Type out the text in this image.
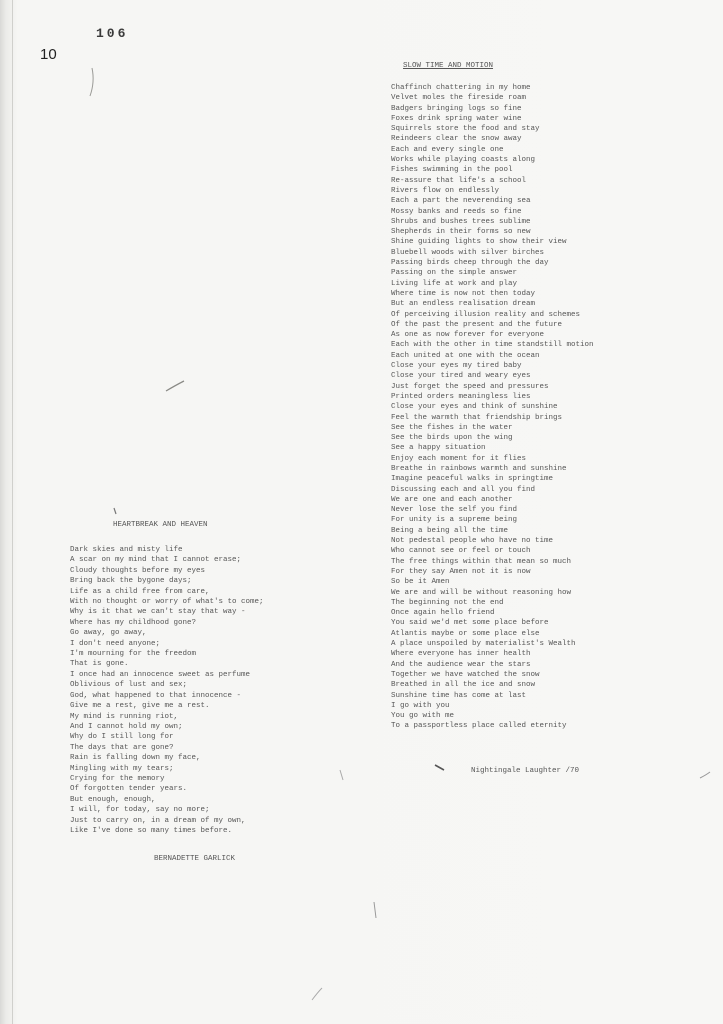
106
10
SLOW TIME AND MOTION
Chaffinch chattering in my home
Velvet moles the fireside roam
Badgers bringing logs so fine
Foxes drink spring water wine
Squirrels store the food and stay
Reindeers clear the snow away
Each and every single one
Works while playing coasts along
Fishes swimming in the pool
Re-assure that life's a school
Rivers flow on endlessly
Each a part the neverending sea
Mossy banks and reeds so fine
Shrubs and bushes trees sublime
Shepherds in their forms so new
Shine guiding lights to show their view
Bluebell woods with silver birches
Passing birds cheep through the day
Passing on the simple answer
Living life at work and play
Where time is now not then today
But an endless realisation dream
Of perceiving illusion reality and schemes
Of the past the present and the future
As one as now forever for everyone
Each with the other in time standstill motion
Each united at one with the ocean
Close your eyes my tired baby
Close your tired and weary eyes
Just forget the speed and pressures
Printed orders meaningless lies
Close your eyes and think of sunshine
Feel the warmth that friendship brings
See the fishes in the water
See the birds upon the wing
See a happy situation
Enjoy each moment for it flies
Breathe in rainbows warmth and sunshine
Imagine peaceful walks in springtime
Discussing each and all you find
We are one and each another
Never lose the self you find
For unity is a supreme being
Being a being all the time
Not pedestal people who have no time
Who cannot see or feel or touch
The free things within that mean so much
For they say Amen not it is now
So be it Amen
We are and will be without reasoning how
The beginning not the end
Once again hello friend
You said we'd met some place before
Atlantis maybe or some place else
A place unspoiled by materialist's Wealth
Where everyone has inner health
And the audience wear the stars
Together we have watched the snow
Breathed in all the ice and snow
Sunshine time has come at last
I go with you
You go with me
To a passportless place called eternity
Nightingale Laughter /70
HEARTBREAK AND HEAVEN
Dark skies and misty life
A scar on my mind that I cannot erase;
Cloudy thoughts before my eyes
Bring back the bygone days;
Life as a child free from care,
With no thought or worry of what's to come;
Why is it that we can't stay that way -
Where has my childhood gone?
Go away, go away,
I don't need anyone;
I'm mourning for the freedom
That is gone.
I once had an innocence sweet as perfume
Oblivious of lust and sex;
God, what happened to that innocence -
Give me a rest, give me a rest.
My mind is running riot,
And I cannot hold my own;
Why do I still long for
The days that are gone?
Rain is falling down my face,
Mingling with my tears;
Crying for the memory
Of forgotten tender years.
But enough, enough,
I will, for today, say no more;
Just to carry on, in a dream of my own,
Like I've done so many times before.
BERNADETTE GARLICK
